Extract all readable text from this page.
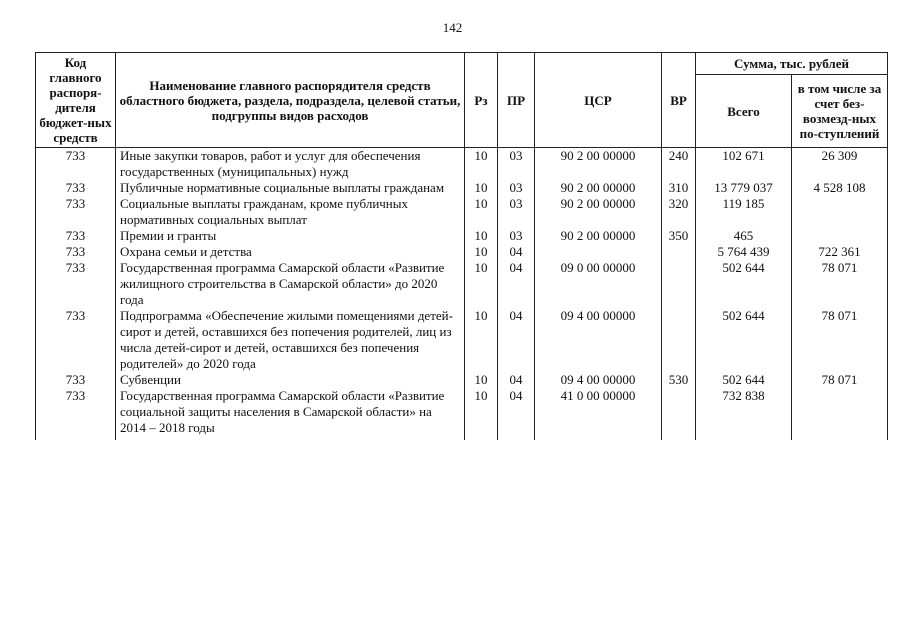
142
Код главного распоря-дителя бюджет-ных средств	Наименование главного распорядителя средств областного бюджета, раздела, подраздела, целевой статьи, подгруппы видов расходов	Рз	ПР	ЦСР	ВР	Сумма, тыс. рублей	
						Всего	в том числе за счет без-возмезд-ных по-ступлений
733	Иные закупки товаров, работ и услуг для обеспечения государственных (муниципальных) нужд	10	03	90 2 00 00000	240	102 671	26 309
733	Публичные нормативные социальные выплаты гражданам	10	03	90 2 00 00000	310	13 779 037	4 528 108
733	Социальные выплаты гражданам, кроме публичных нормативных социальных выплат	10	03	90 2 00 00000	320	119 185	
733	Премии и гранты	10	03	90 2 00 00000	350	465	
733	Охрана семьи и детства	10	04			5 764 439	722 361
733	Государственная программа Самарской области «Развитие жилищного строительства в Самарской области» до 2020 года	10	04	09 0 00 00000		502 644	78 071
733	Подпрограмма «Обеспечение жилыми помещениями детей-сирот и детей, оставшихся без попечения родителей, лиц из числа детей-сирот и детей, оставшихся без попечения родителей» до 2020 года	10	04	09 4 00 00000		502 644	78 071
733	Субвенции	10	04	09 4 00 00000	530	502 644	78 071
733	Государственная программа Самарской области «Развитие социальной защиты населения в Самарской области» на 2014 – 2018 годы	10	04	41 0 00 00000		732 838	
